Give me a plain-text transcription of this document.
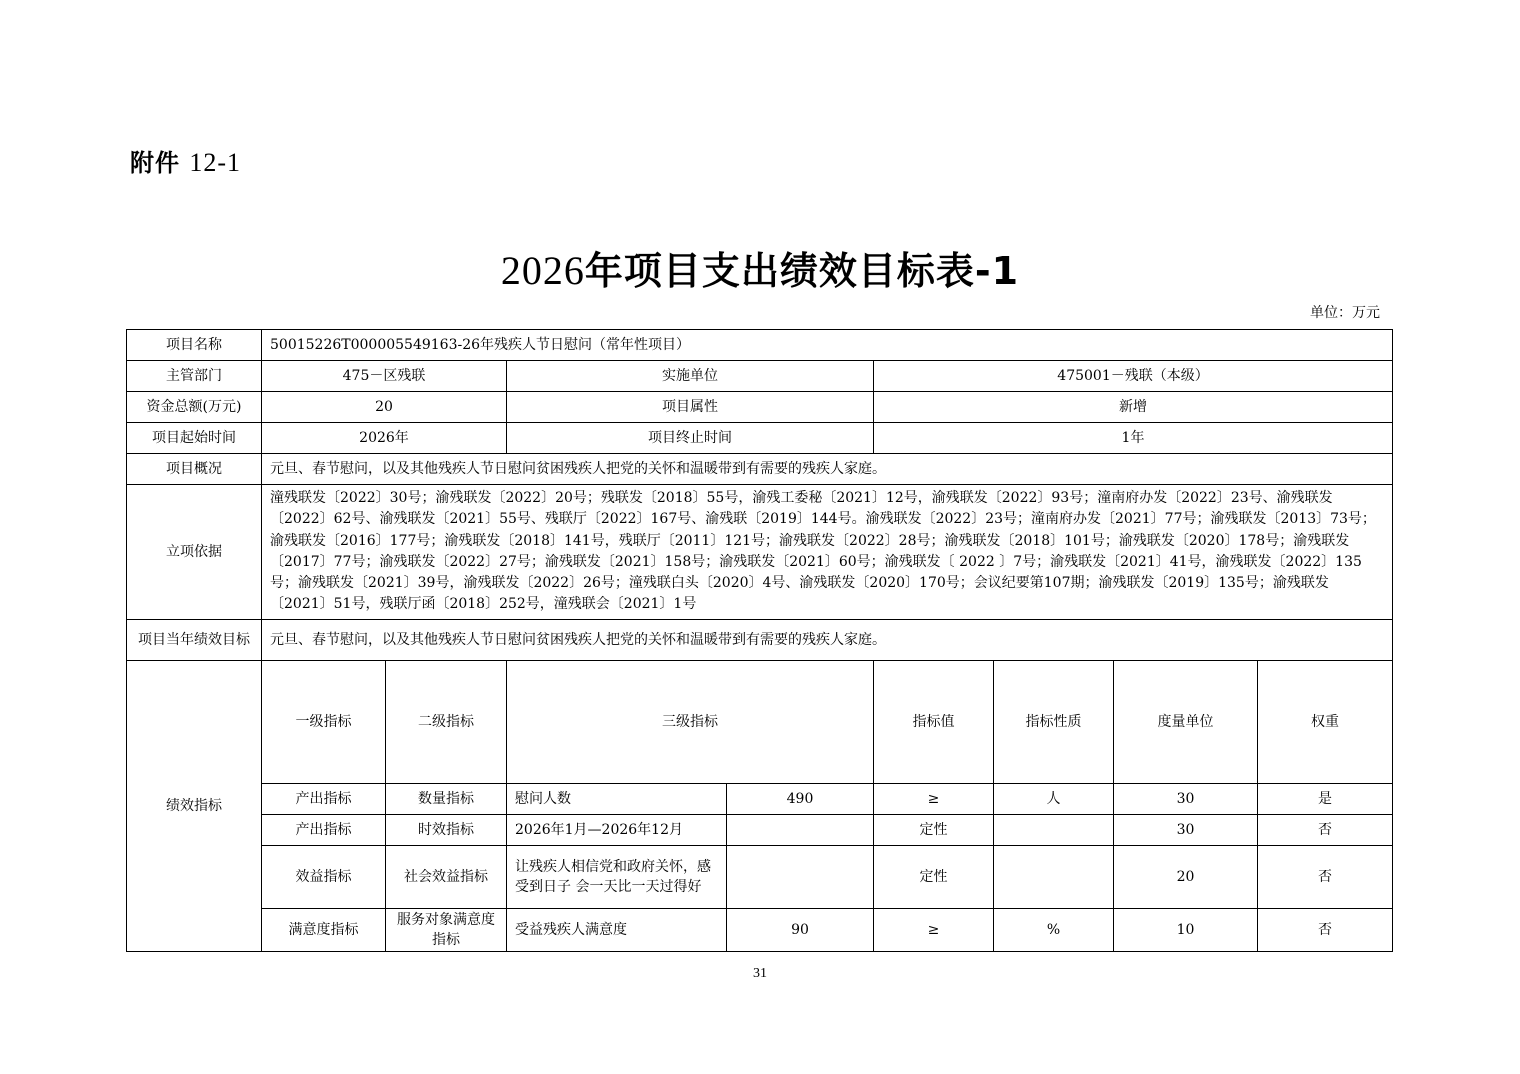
附件 12-1
2026年项目支出绩效目标表-1
单位：万元
项目名称	50015226T000005549163-26年残疾人节日慰问（常年性项目）								
主管部门	475－区残联		实施单位		475001－残联（本级）				
资金总额(万元)	20		项目属性		新增				
项目起始时间	2026年		项目终止时间		1年				
项目概况	元旦、春节慰问，以及其他残疾人节日慰问贫困残疾人把党的关怀和温暖带到有需要的残疾人家庭。								
立项依据	潼残联发〔2022〕30号；渝残联发〔2022〕20号；残联发〔2018〕55号，渝残工委秘〔2021〕12号，渝残联发〔2022〕93号；潼南府办发〔2022〕23号、渝残联发〔2022〕62号、渝残联发〔2021〕55号、残联厅〔2022〕167号、渝残联〔2019〕144号。渝残联发〔2022〕23号；潼南府办发〔2021〕77号；渝残联发〔2013〕73号；渝残联发〔2016〕177号；渝残联发〔2018〕141号，残联厅〔2011〕121号；渝残联发〔2022〕28号；渝残联发〔2018〕101号；渝残联发〔2020〕178号；渝残联发〔2017〕77号；渝残联发〔2022〕27号；渝残联发〔2021〕158号；渝残联发〔2021〕60号；渝残联发〔 2022 〕7号；渝残联发〔2021〕41号，渝残联发〔2022〕135号；渝残联发〔2021〕39号，渝残联发〔2022〕26号；潼残联白头〔2020〕4号、渝残联发〔2020〕170号；会议纪要第107期；渝残联发〔2019〕135号；渝残联发〔2021〕51号，残联厅函〔2018〕252号，潼残联会〔2021〕1号								
项目当年绩效目标	元旦、春节慰问，以及其他残疾人节日慰问贫困残疾人把党的关怀和温暖带到有需要的残疾人家庭。								
绩效指标	一级指标	二级指标	三级指标		指标值	指标性质	度量单位	权重	
	产出指标	数量指标	慰问人数	490	≥	人	30	是	
	产出指标	时效指标	2026年1月—2026年12月		定性		30	否	
	效益指标	社会效益指标	让残疾人相信党和政府关怀，感受到日子 会一天比一天过得好		定性		20	否	
	满意度指标	服务对象满意度指标	受益残疾人满意度	90	≥	%	10	否	
31
